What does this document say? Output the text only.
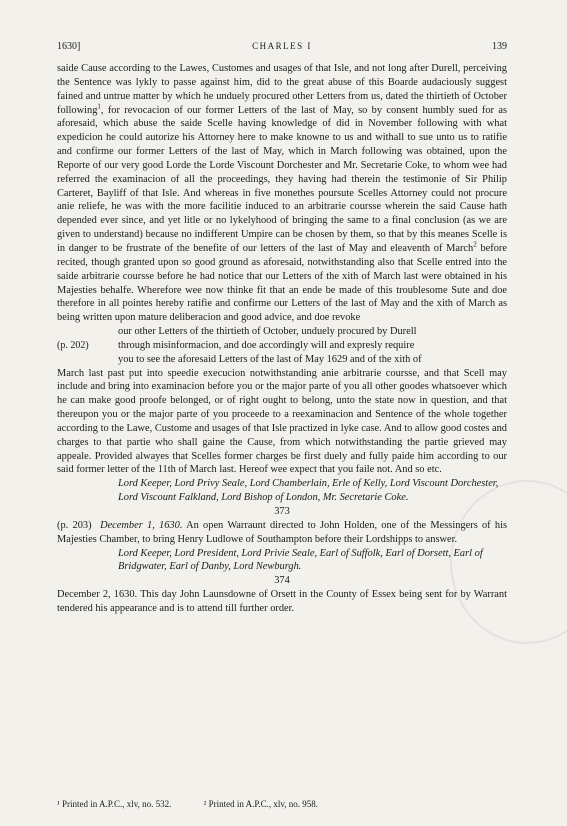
1630]	CHARLES I	139

saide Cause according to the Lawes, Customes and usages of that Isle, and not long after Durell, perceiving the Sentence was lykly to passe against him, did to the great abuse of this Boarde audaciously suggest fained and untrue matter by which he unduely procured other Letters from us, dated the thirtieth of October following$^1$, for revocacion of our former Letters of the last of May, so by consent humbly sued for as aforesaid, which abuse the saide Scelle having knowledge of did in November following with what expedicion he could autorize his Attorney here to make knowne to us and withall to sue unto us to ratifie and confirme our former Letters of the last of May, which in March following was obtained, upon the Reporte of our very good Lorde the Lorde Viscount Dorchester and Mr. Secretarie Coke, to whom wee had referred the examinacion of all the proceedings, they having had therein the testimonie of Sir Philip Carteret, Bayliff of that Isle. And whereas in five monethes poursute Scelles Attorney could not procure anie reliefe, he was with the more facilitie induced to an arbitrarie coursse wherein the said Cause hath depended ever since, and yet litle or no lykelyhood of bringing the same to a final conclusion (as we are given to understand) because no indifferent Umpire can be chosen by them, so that by this meanes Scelle is in danger to be frustrate of the benefite of our letters of the last of May and eleaventh of March$^2$ before recited, though granted upon so good ground as aforesaid, notwithstanding also that Scelle entred into the saide arbitrarie coursse before he had notice that our Letters of the xith of March last were obtained in his Majesties behalfe. Wherefore wee now thinke fit that an ende be made of this troublesome Sute and doe therefore in all pointes hereby ratifie and confirme our Letters of the last of May and the xith of March as being written upon mature deliberacion and good advice, and doe revoke

our other Letters of the thirtieth of October, unduely procured by Durell

(p. 202)	through misinformacion, and doe accordingly will and expresly require

you to see the aforesaid Letters of the last of May 1629 and of the xith of

March last past put into speedie execucion notwithstanding anie arbitrarie coursse, and that Scell may include and bring into examinacion before you or the major parte of you all other goodes whatsoever which he can make good proofe belonged, or of right ought to belong, unto the state now in question, and that thereupon you or the major parte of you proceede to a reexaminacion and Sentence of the whole together according to the Lawe, Custome and usages of that Isle practized in lyke case. And to allow good costes and charges to that partie who shall gaine the Cause, from which notwithstanding the partie grieved may appeale. Provided alwayes that Scelles former charges be first duely and fully paide him according to our said former letter of the 11th of March last. Hereof wee expect that you faile not. And so etc.

Lord Keeper, Lord Privy Seale, Lord Chamberlain, Erle of Kelly, Lord Viscount Dorchester, Lord Viscount Falkland, Lord Bishop of London, Mr. Secretarie Coke.

373

(p. 203) December 1, 1630. An open Warraunt directed to John Holden, one of the Messingers of his Majesties Chamber, to bring Henry Ludlowe of Southampton before their Lordshipps to answer.

Lord Keeper, Lord President, Lord Privie Seale, Earl of Suffolk, Earl of Dorsett, Earl of Bridgwater, Earl of Danby, Lord Newburgh.

374

December 2, 1630. This day John Launsdowne of Orsett in the County of Essex being sent for by Warrant tendered his appearance and is to attend till further order.

¹ Printed in A.P.C., xlv, no. 532.	² Printed in A.P.C., xlv, no. 958.
